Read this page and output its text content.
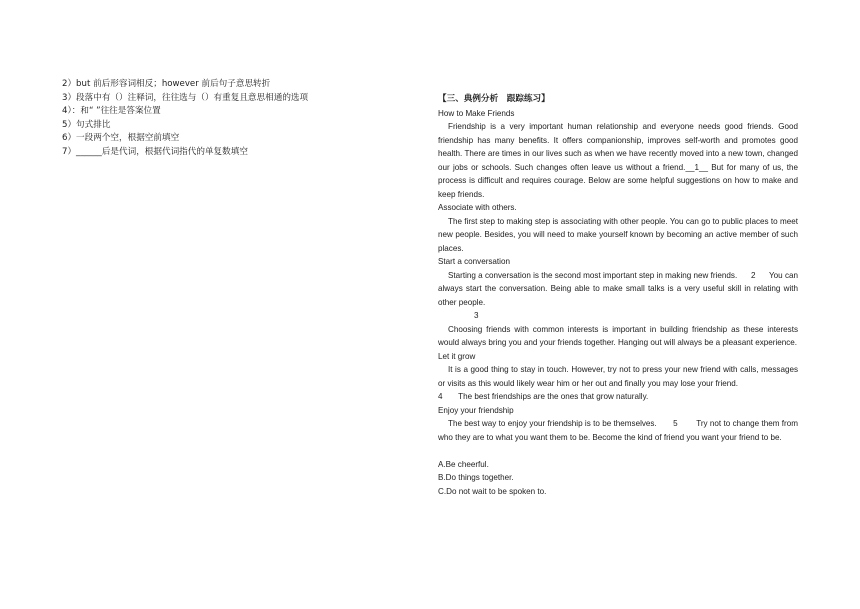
2）but 前后形容词相反；however 前后句子意思转折
3）段落中有（）注释词，往往选与（）有重复且意思相通的选项
4）：和“ ”往往是答案位置
5）句式排比
6）一段两个空，根据空前填空
7）______后是代词，根据代词指代的单复数填空

【三、典例分析　跟踪练习】

How to Make Friends

Friendship is a very important human relationship and everyone needs good friends. Good friendship has many benefits. It offers companionship, improves self-worth and promotes good health. There are times in our lives such as when we have recently moved into a new town, changed our jobs or schools. Such changes often leave us without a friend.__1__ But for many of us, the process is difficult and requires courage. Below are some helpful suggestions on how to make and keep friends.

Associate with others.

The first step to making step is associating with other people. You can go to public places to meet new people. Besides, you will need to make yourself known by becoming an active member of such places.

Start a conversation

Starting a conversation is the second most important step in making new friends. 2 You can always start the conversation. Being able to make small talks is a very useful skill in relating with other people.

3

Choosing friends with common interests is important in building friendship as these interests would always bring you and your friends together. Hanging out will always be a pleasant experience.

Let it grow

It is a good thing to stay in touch. However, try not to press your new friend with calls, messages or visits as this would likely wear him or her out and finally you may lose your friend.

4 The best friendships are the ones that grow naturally.

Enjoy your friendship

The best way to enjoy your friendship is to be themselves. 5 Try not to change them from who they are to what you want them to be. Become the kind of friend you want your friend to be.

A.Be cheerful.

B.Do things together.

C.Do not wait to be spoken to.
